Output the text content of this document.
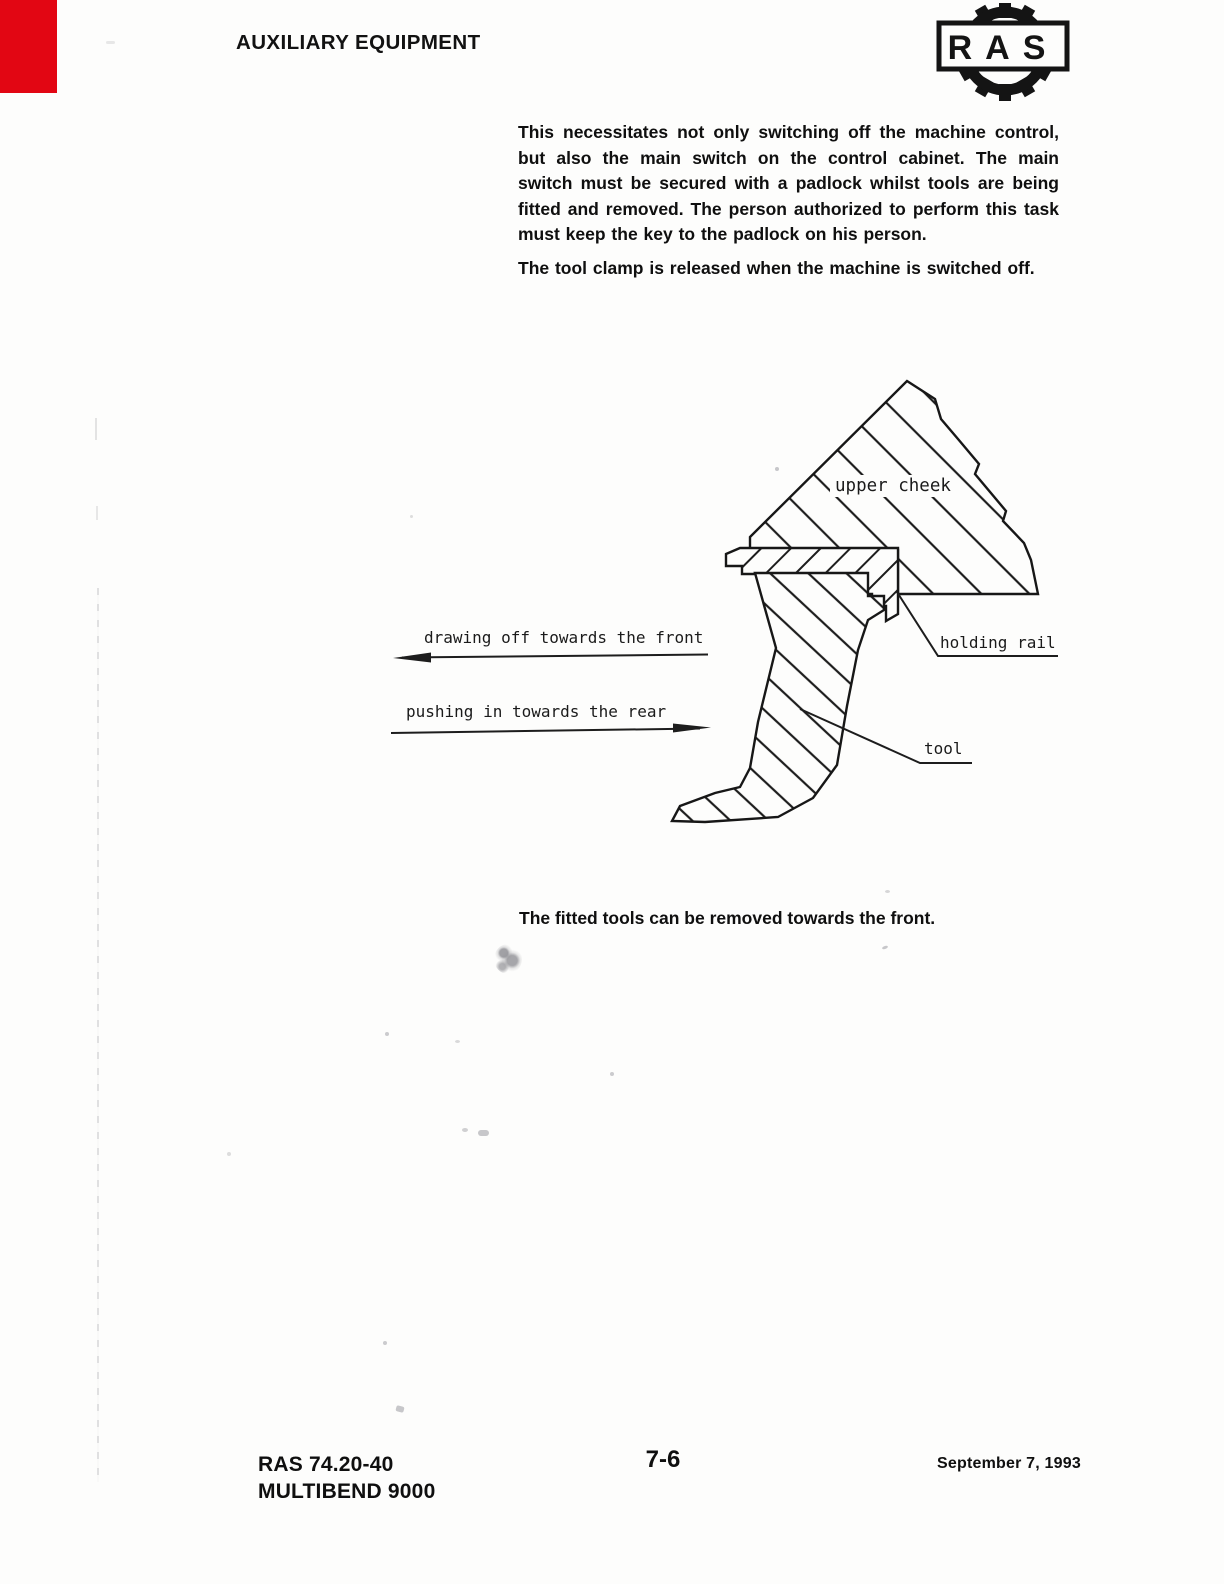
AUXILIARY EQUIPMENT	RAS
This necessitates not only switching off the machine control, but also the main switch on the control cabinet. The main switch must be secured with a padlock whilst tools are being fitted and removed. The person authorized to perform this task must keep the key to the padlock on his person.
The tool clamp is released when the machine is switched off.
upper cheek
holding rail
tool
drawing off towards the front
pushing in towards the rear
The fitted tools can be removed towards the front.
RAS 74.20-40
MULTIBEND 9000
7-6	September 7, 1993
